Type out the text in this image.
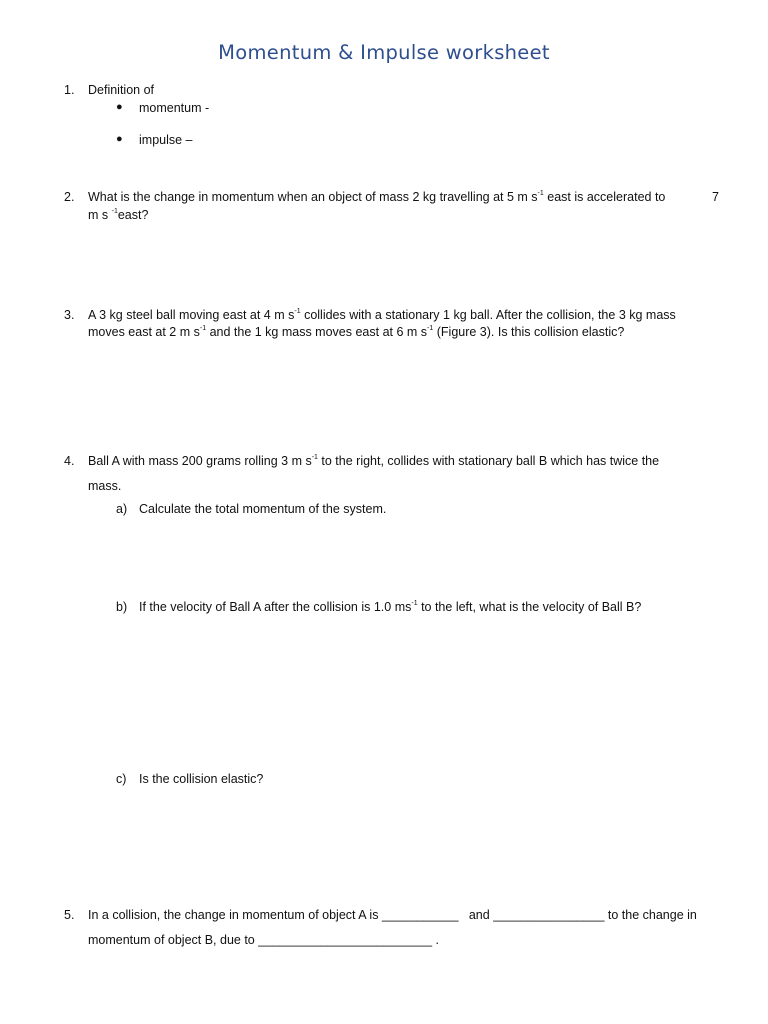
Momentum & Impulse worksheet
1. Definition of
● momentum -
● impulse –
2. What is the change in momentum when an object of mass 2 kg travelling at 5 m $s^{-1}$ east is accelerated to	7
m s $^{-1}$east?
3. A 3 kg steel ball moving east at 4 m $s^{-1}$ collides with a stationary 1 kg ball. After the collision, the 3 kg mass
moves east at 2 m $s^{-1}$ and the 1 kg mass moves east at 6 m $s^{-1}$ (Figure 3). Is this collision elastic?
4. Ball A with mass 200 grams rolling 3 m $s^{-1}$ to the right, collides with stationary ball B which has twice the
mass.
a) Calculate the total momentum of the system.
b) If the velocity of Ball A after the collision is 1.0 $ms^{-1}$ to the left, what is the velocity of Ball B?
c) Is the collision elastic?
5. In a collision, the change in momentum of object A is ___________ and ________________ to the change in
momentum of object B, due to _________________________ .
